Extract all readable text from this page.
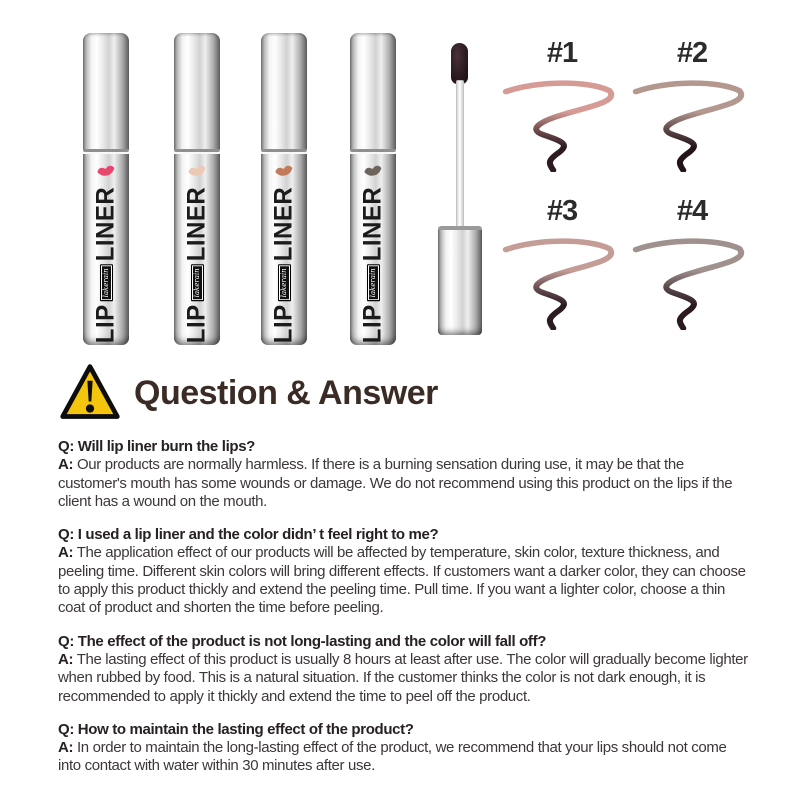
LIP
lakerain
LINER
LIP
lakerain
LINER
LIP
lakerain
LINER
LIP
lakerain
LINER
#1	#2
#3	#4
Question & Answer
Q: Will lip liner burn the lips?
A: Our products are normally harmless. If there is a burning sensation during use, it may be that the customer's mouth has some wounds or damage. We do not recommend using this product on the lips if the client has a wound on the mouth.
Q: I used a lip liner and the color didn’ t feel right to me?
A: The application effect of our products will be affected by temperature, skin color, texture thickness, and peeling time. Different skin colors will bring different effects. If customers want a darker color, they can choose to apply this product thickly and extend the peeling time. Pull time. If you want a lighter color, choose a thin coat of product and shorten the time before peeling.
Q: The effect of the product is not long-lasting and the color will fall off?
A: The lasting effect of this product is usually 8 hours at least after use. The color will gradually become lighter when rubbed by food. This is a natural situation. If the customer thinks the color is not dark enough, it is recommended to apply it thickly and extend the time to peel off the product.
Q: How to maintain the lasting effect of the product?
A: In order to maintain the long-lasting effect of the product, we recommend that your lips should not come into contact with water within 30 minutes after use.
